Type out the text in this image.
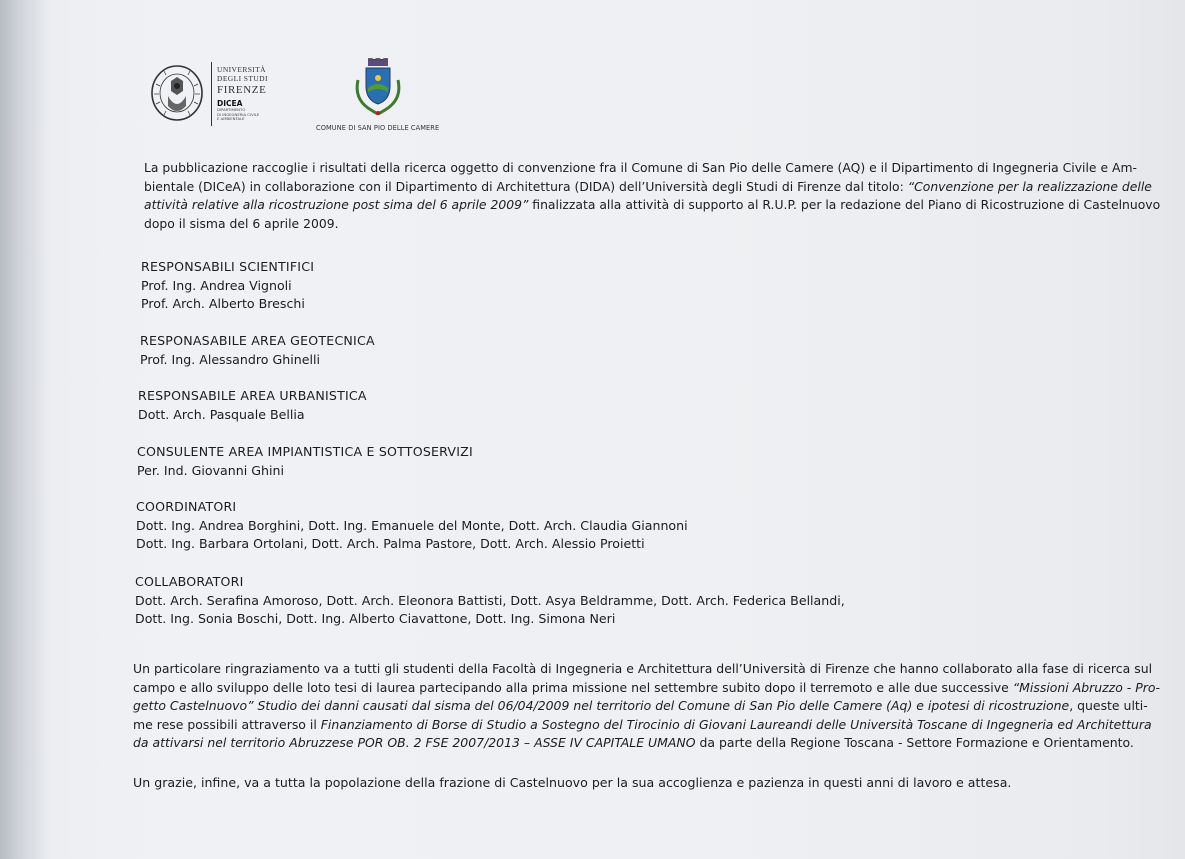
UNIVERSITÀ
DEGLI STUDI
FIRENZE
DICEA
DIPARTIMENTO
DI INGEGNERIA CIVILE
E AMBIENTALE
COMUNE DI SAN PIO DELLE CAMERE
La pubblicazione raccoglie i risultati della ricerca oggetto di convenzione fra il Comune di San Pio delle Camere (AQ) e il Dipartimento di Ingegneria Civile e Am-
bientale (DICeA) in collaborazione con il Dipartimento di Architettura (DIDA) dell’Università degli Studi di Firenze dal titolo: “Convenzione per la realizzazione delle
attività relative alla ricostruzione post sima del 6 aprile 2009” finalizzata alla attività di supporto al R.U.P. per la redazione del Piano di Ricostruzione di Castelnuovo
dopo il sisma del 6 aprile 2009.
RESPONSABILI SCIENTIFICI
Prof. Ing. Andrea Vignoli
Prof. Arch. Alberto Breschi
RESPONASABILE AREA GEOTECNICA
Prof. Ing. Alessandro Ghinelli
RESPONSABILE AREA URBANISTICA
Dott. Arch. Pasquale Bellia
CONSULENTE AREA IMPIANTISTICA E SOTTOSERVIZI
Per. Ind. Giovanni Ghini
COORDINATORI
Dott. Ing. Andrea Borghini, Dott. Ing. Emanuele del Monte, Dott. Arch. Claudia Giannoni
Dott. Ing. Barbara Ortolani, Dott. Arch. Palma Pastore, Dott. Arch. Alessio Proietti
COLLABORATORI
Dott. Arch. Serafina Amoroso, Dott. Arch. Eleonora Battisti, Dott. Asya Beldramme, Dott. Arch. Federica Bellandi,
Dott. Ing. Sonia Boschi, Dott. Ing. Alberto Ciavattone, Dott. Ing. Simona Neri
Un particolare ringraziamento va a tutti gli studenti della Facoltà di Ingegneria e Architettura dell’Università di Firenze che hanno collaborato alla fase di ricerca sul
campo e allo sviluppo delle loto tesi di laurea partecipando alla prima missione nel settembre subito dopo il terremoto e alle due successive “Missioni Abruzzo - Pro-
getto Castelnuovo” Studio dei danni causati dal sisma del 06/04/2009 nel territorio del Comune di San Pio delle Camere (Aq) e ipotesi di ricostruzione, queste ulti-
me rese possibili attraverso il Finanziamento di Borse di Studio a Sostegno del Tirocinio di Giovani Laureandi delle Università Toscane di Ingegneria ed Architettura
da attivarsi nel territorio Abruzzese POR OB. 2 FSE 2007/2013 – ASSE IV CAPITALE UMANO da parte della Regione Toscana - Settore Formazione e Orientamento.
Un grazie, infine, va a tutta la popolazione della frazione di Castelnuovo per la sua accoglienza e pazienza in questi anni di lavoro e attesa.
